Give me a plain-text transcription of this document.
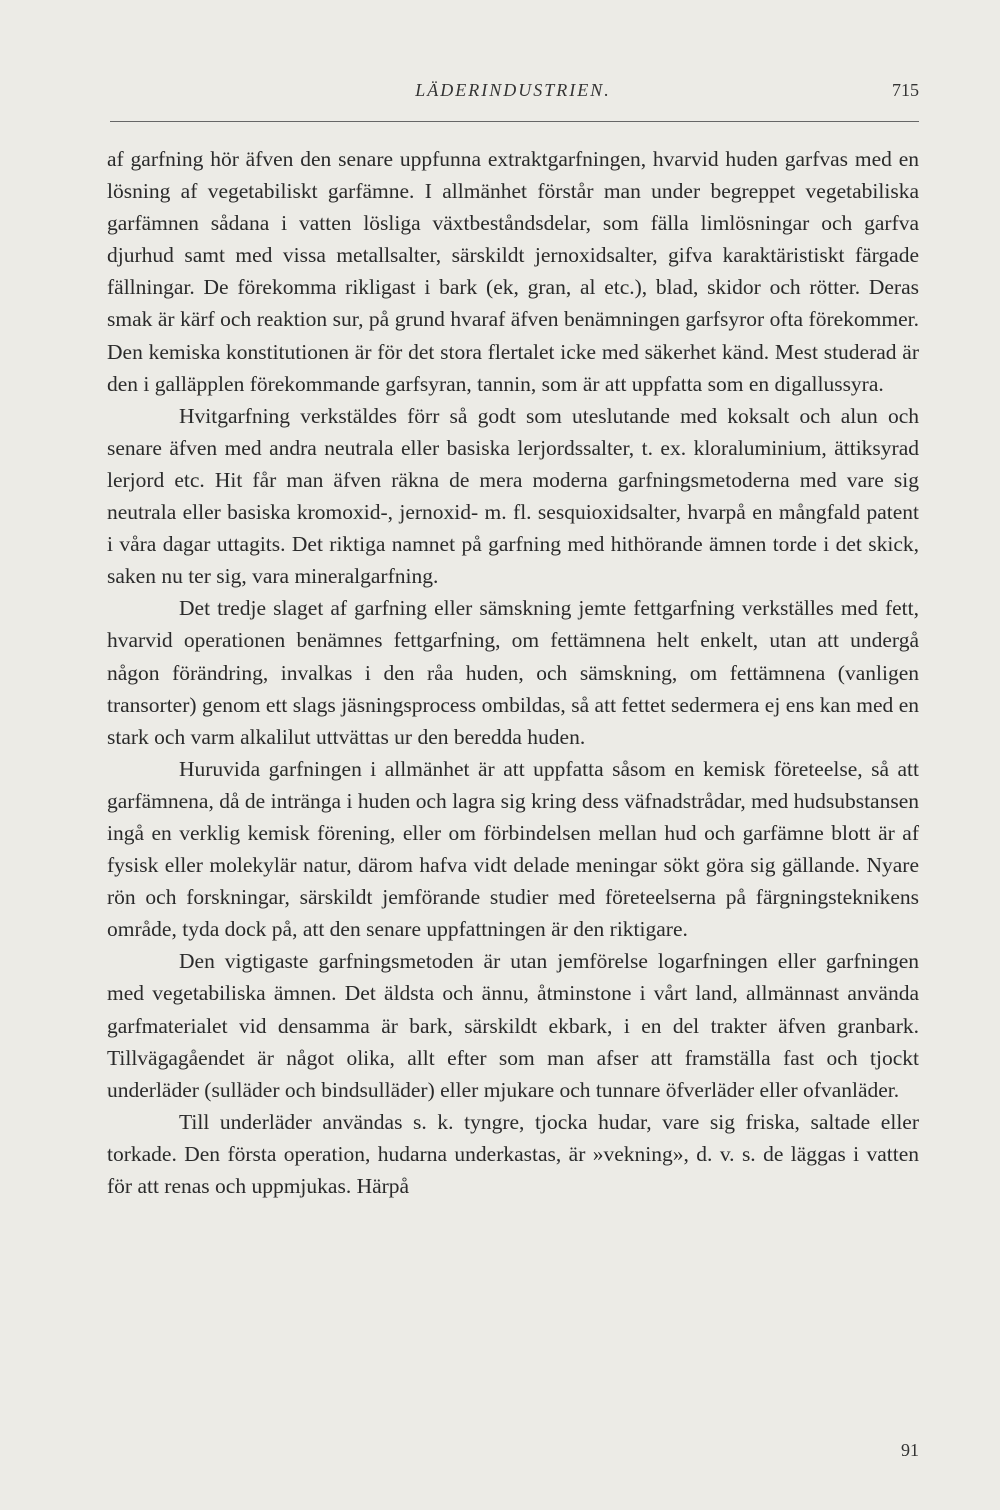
LÄDERINDUSTRIEN.	715

af garfning hör äfven den senare uppfunna extraktgarfningen, hvarvid huden garfvas med en lösning af vegetabiliskt garfämne. I allmänhet förstår man under begreppet vegetabiliska garfämnen sådana i vatten lösliga växtbeståndsdelar, som fälla limlösningar och garfva djurhud samt med vissa metallsalter, särskildt jernoxidsalter, gifva karaktäristiskt färgade fällningar. De förekomma rikligast i bark (ek, gran, al etc.), blad, skidor och rötter. Deras smak är kärf och reaktion sur, på grund hvaraf äfven benämningen garfsyror ofta förekommer. Den kemiska konstitutionen är för det stora flertalet icke med säkerhet känd. Mest studerad är den i galläpplen förekommande garfsyran, tannin, som är att uppfatta som en digallussyra.

Hvitgarfning verkstäldes förr så godt som uteslutande med koksalt och alun och senare äfven med andra neutrala eller basiska lerjordssalter, t. ex. kloraluminium, ättiksyrad lerjord etc. Hit får man äfven räkna de mera moderna garfningsmetoderna med vare sig neutrala eller basiska kromoxid-, jernoxid- m. fl. sesquioxidsalter, hvarpå en mångfald patent i våra dagar uttagits. Det riktiga namnet på garfning med hithörande ämnen torde i det skick, saken nu ter sig, vara mineralgarfning.

Det tredje slaget af garfning eller sämskning jemte fettgarfning verkställes med fett, hvarvid operationen benämnes fettgarfning, om fettämnena helt enkelt, utan att undergå någon förändring, invalkas i den råa huden, och sämskning, om fettämnena (vanligen transorter) genom ett slags jäsningsprocess ombildas, så att fettet sedermera ej ens kan med en stark och varm alkalilut uttvättas ur den beredda huden.

Huruvida garfningen i allmänhet är att uppfatta såsom en kemisk företeelse, så att garfämnena, då de intränga i huden och lagra sig kring dess väfnadstrådar, med hudsubstansen ingå en verklig kemisk förening, eller om förbindelsen mellan hud och garfämne blott är af fysisk eller molekylär natur, därom hafva vidt delade meningar sökt göra sig gällande. Nyare rön och forskningar, särskildt jemförande studier med företeelserna på färgningsteknikens område, tyda dock på, att den senare uppfattningen är den riktigare.

Den vigtigaste garfningsmetoden är utan jemförelse logarfningen eller garfningen med vegetabiliska ämnen. Det äldsta och ännu, åtminstone i vårt land, allmännast använda garfmaterialet vid densamma är bark, särskildt ekbark, i en del trakter äfven granbark. Tillvägagåendet är något olika, allt efter som man afser att framställa fast och tjockt underläder (sulläder och bindsulläder) eller mjukare och tunnare öfverläder eller ofvanläder.

Till underläder användas s. k. tyngre, tjocka hudar, vare sig friska, saltade eller torkade. Den första operation, hudarna underkastas, är »vekning», d. v. s. de läggas i vatten för att renas och uppmjukas. Härpå

91
